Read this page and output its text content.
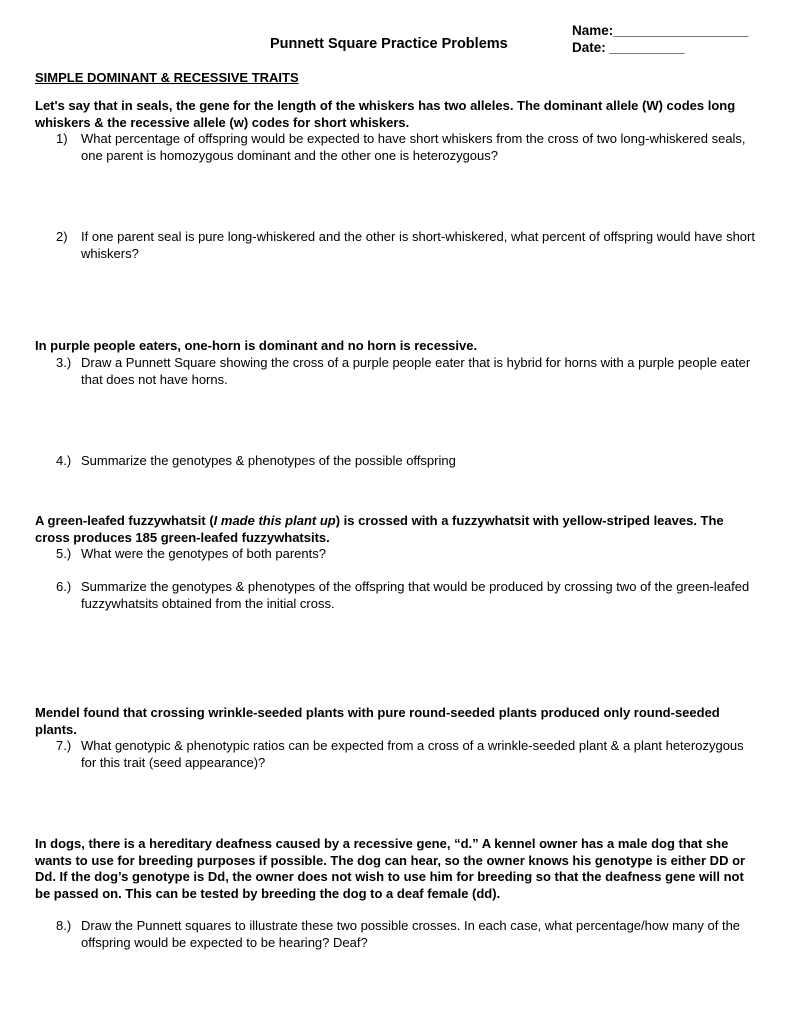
Punnett Square Practice Problems
Name:__________________
Date: __________
SIMPLE DOMINANT & RECESSIVE TRAITS
Let's say that in seals, the gene for the length of the whiskers has two alleles. The dominant allele (W) codes long whiskers & the recessive allele (w) codes for short whiskers.
1)	What percentage of offspring would be expected to have short whiskers from the cross of two long-whiskered seals, one parent is homozygous dominant and the other one is heterozygous?
2)	If one parent seal is pure long-whiskered and the other is short-whiskered, what percent of offspring would have short whiskers?
In purple people eaters, one-horn is dominant and no horn is recessive.
3.) Draw a Punnett Square showing the cross of a purple people eater that is hybrid for horns with a purple people eater that does not have horns.
4.) Summarize the genotypes & phenotypes of the possible offspring
A green-leafed fuzzywhatsit (I made this plant up) is crossed with a fuzzywhatsit with yellow-striped leaves. The cross produces 185 green-leafed fuzzywhatsits.
5.) What were the genotypes of both parents?
6.) Summarize the genotypes & phenotypes of the offspring that would be produced by crossing two of the green-leafed fuzzywhatsits obtained from the initial cross.
Mendel found that crossing wrinkle-seeded plants with pure round-seeded plants produced only round-seeded plants.
7.) What genotypic & phenotypic ratios can be expected from a cross of a wrinkle-seeded plant & a plant heterozygous for this trait (seed appearance)?
In dogs, there is a hereditary deafness caused by a recessive gene, “d.” A kennel owner has a male dog that she wants to use for breeding purposes if possible. The dog can hear, so the owner knows his genotype is either DD or Dd. If the dog’s genotype is Dd, the owner does not wish to use him for breeding so that the deafness gene will not be passed on. This can be tested by breeding the dog to a deaf female (dd).
8.) Draw the Punnett squares to illustrate these two possible crosses. In each case, what percentage/how many of the offspring would be expected to be hearing? Deaf?
